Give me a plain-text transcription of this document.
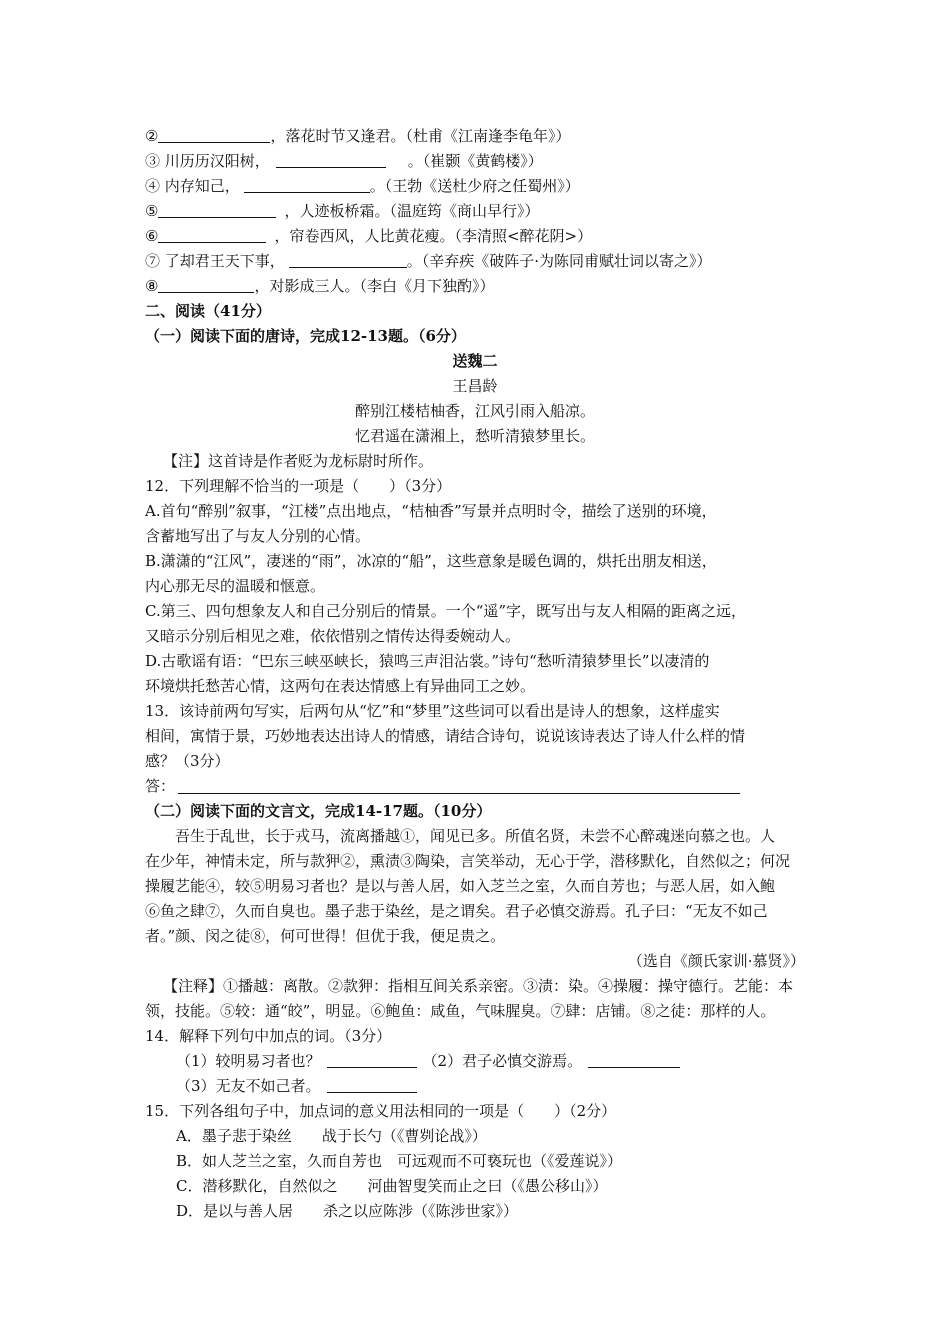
②	，落花时节又逢君。（杜甫《江南逢李龟年》）
③ 川历历汉阳树，	。（崔颢《黄鹤楼》）
④ 内存知己，	。（王勃《送杜少府之任蜀州》）
⑤	，人迹板桥霜。（温庭筠《商山早行》）
⑥	，帘卷西风，人比黄花瘦。（李清照<醉花阴>）
⑦ 了却君王天下事，	。（辛弃疾《破阵子·为陈同甫赋壮词以寄之》）
⑧	，对影成三人。（李白《月下独酌》）
二、阅读（41分）
（一）阅读下面的唐诗，完成12-13题。（6分）
送魏二
王昌龄
醉别江楼桔柚香，江风引雨入船凉。
忆君遥在潇湘上，愁听清猿梦里长。
【注】这首诗是作者贬为龙标尉时所作。
12．下列理解不恰当的一项是（　　）（3分）
A.首句“醉别”叙事，“江楼”点出地点，“桔柚香”写景并点明时令，描绘了送别的环境，
含蓄地写出了与友人分别的心情。
B.潇潇的“江风”，凄迷的“雨”，冰凉的“船”，这些意象是暖色调的，烘托出朋友相送，
内心那无尽的温暖和惬意。
C.第三、四句想象友人和自己分别后的情景。一个“遥”字，既写出与友人相隔的距离之远，
又暗示分别后相见之难，依依惜别之情传达得委婉动人。
D.古歌谣有语：“巴东三峡巫峡长，猿鸣三声泪沾裳。”诗句“愁听清猿梦里长”以凄清的
环境烘托愁苦心情，这两句在表达情感上有异曲同工之妙。
13．该诗前两句写实，后两句从“忆”和“梦里”这些词可以看出是诗人的想象，这样虚实
相间，寓情于景，巧妙地表达出诗人的情感，请结合诗句，说说该诗表达了诗人什么样的情
感？（3分）
答：
（二）阅读下面的文言文，完成14-17题。（10分）
吾生于乱世，长于戎马，流离播越①，闻见已多。所值名贤，未尝不心醉魂迷向慕之也。人
在少年，神情未定，所与款狎②，熏渍③陶染，言笑举动，无心于学，潜移默化，自然似之；何况
操履艺能④，较⑤明易习者也？是以与善人居，如入芝兰之室，久而自芳也；与恶人居，如入鲍
⑥鱼之肆⑦，久而自臭也。墨子悲于染丝，是之谓矣。君子必慎交游焉。孔子曰：“无友不如己
者。”颜、闵之徒⑧，何可世得！但优于我，便足贵之。
（选自《颜氏家训·慕贤》）
【注释】①播越：离散。②款狎：指相互间关系亲密。③渍：染。④操履：操守德行。艺能：本
领，技能。⑤较：通“皎”，明显。⑥鲍鱼：咸鱼，气味腥臭。⑦肆：店铺。⑧之徒：那样的人。
14．解释下列句中加点的词。（3分）
（1）较明易习者也？	（2）君子必慎交游焉。
（3）无友不如己者。
15．下列各组句子中，加点词的意义用法相同的一项是（　　）（2分）
A．墨子悲于染丝　　战于长勺（《曹刿论战》）
B．如人芝兰之室，久而自芳也　可远观而不可亵玩也（《爱莲说》）
C．潜移默化，自然似之　　河曲智叟笑而止之曰（《愚公移山》）
D．是以与善人居　　杀之以应陈涉（《陈涉世家》）
